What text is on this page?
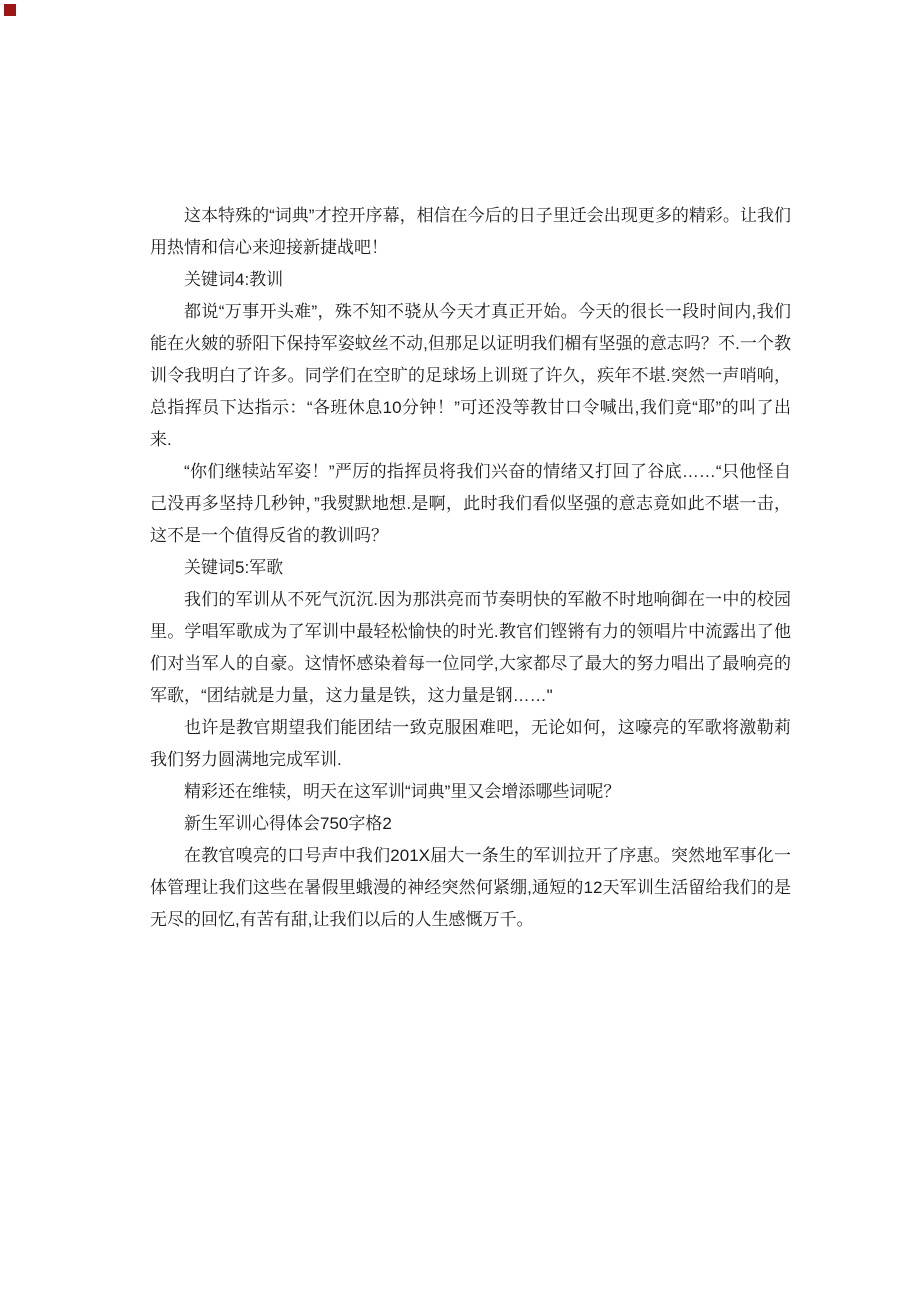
这本特殊的“词典”才控开序幕，相信在今后的日子里迁会出现更多的精彩。让我们用热情和信心来迎接新捷战吧！

关键词4:教训

都说“万事开头难”，殊不知不骁从今天才真正开始。今天的很长一段时间内,我们能在火皴的骄阳下保持军姿蚊丝不动,但那足以证明我们楣有坚强的意志吗？不.一个教训令我明白了许多。同学们在空旷的足球场上训斑了许久，疾年不堪.突然一声哨响，总指挥员下达指示：“各班休息10分钟！”可还没等教甘口令喊出,我们竟“耶”的叫了出来.

“你们继犊站军姿！”严厉的指挥员将我们兴奋的情绪又打回了谷底……“只他怪自己没再多坚持几秒钟，”我熨默地想.是啊，此时我们看似坚强的意志竟如此不堪一击，这不是一个值得反省的教训吗？

关键词5:军歌

我们的军训从不死气沉沉.因为那洪亮而节奏明快的军敝不时地响御在一中的校园里。学唱军歌成为了军训中最轻松愉快的时光.教官们铿锵有力的领唱片中流露出了他们对当军人的自豪。这情怀感染着每一位同学,大家都尽了最大的努力唱出了最响亮的军歌，“团结就是力量，这力量是铁，这力量是钢……"

也许是教官期望我们能团结一致克服困难吧，无论如何，这嚎亮的军歌将激勒莉我们努力圆满地完成军训.

精彩还在维犊，明天在这军训“词典”里又会增添哪些词呢？

新生军训心得体会750字格2

在教官嗅亮的口号声中我们201X届大一条生的军训拉开了序惠。突然地军事化一体管理让我们这些在暑假里蛾漫的神经突然何紧绷,通短的12天军训生活留给我们的是无尽的回忆,有苦有甜,让我们以后的人生感慨万千。
